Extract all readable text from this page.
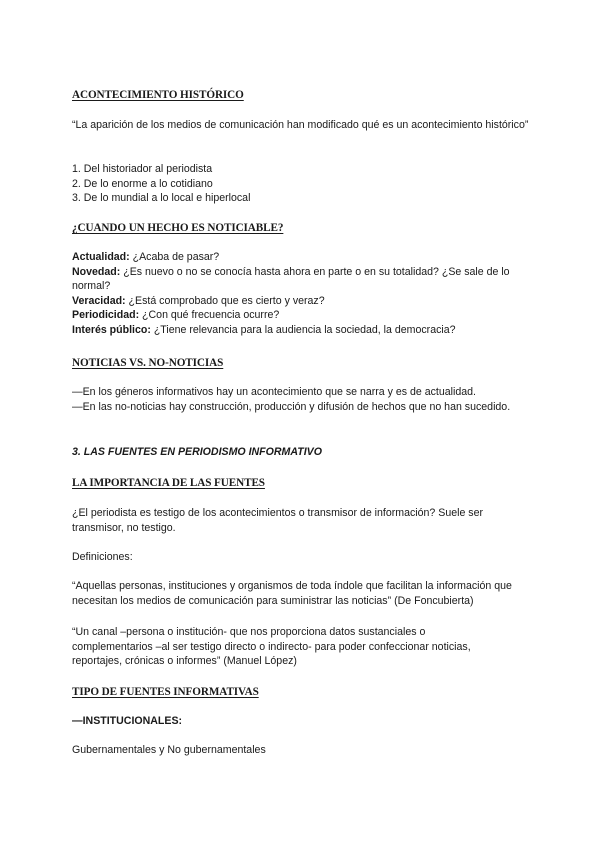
ACONTECIMIENTO HISTÓRICO
“La aparición de los medios de comunicación han modificado qué es un acontecimiento histórico”
1. Del historiador al periodista
2. De lo enorme a lo cotidiano
3. De lo mundial a lo local e hiperlocal
¿CUANDO UN HECHO ES NOTICIABLE?
Actualidad: ¿Acaba de pasar?
Novedad: ¿Es nuevo o no se conocía hasta ahora en parte o en su totalidad? ¿Se sale de lo normal?
Veracidad: ¿Está comprobado que es cierto y veraz?
Periodicidad: ¿Con qué frecuencia ocurre?
Interés público: ¿Tiene relevancia para la audiencia la sociedad, la democracia?
NOTICIAS VS. NO-NOTICIAS
—En los géneros informativos hay un acontecimiento que se narra y es de actualidad.
—En las no-noticias hay construcción, producción y difusión de hechos que no han sucedido.
3. LAS FUENTES EN PERIODISMO INFORMATIVO
LA IMPORTANCIA DE LAS FUENTES
¿El periodista es testigo de los acontecimientos o transmisor de información? Suele ser transmisor, no testigo.
Definiciones:
“Aquellas personas, instituciones y organismos de toda índole que facilitan la información que necesitan los medios de comunicación para suministrar las noticias” (De Foncubierta)
“Un canal –persona o institución- que nos proporciona datos sustanciales o complementarios –al ser testigo directo o indirecto- para poder confeccionar noticias, reportajes, crónicas o informes” (Manuel López)
TIPO DE FUENTES INFORMATIVAS
—INSTITUCIONALES:
Gubernamentales y No gubernamentales
